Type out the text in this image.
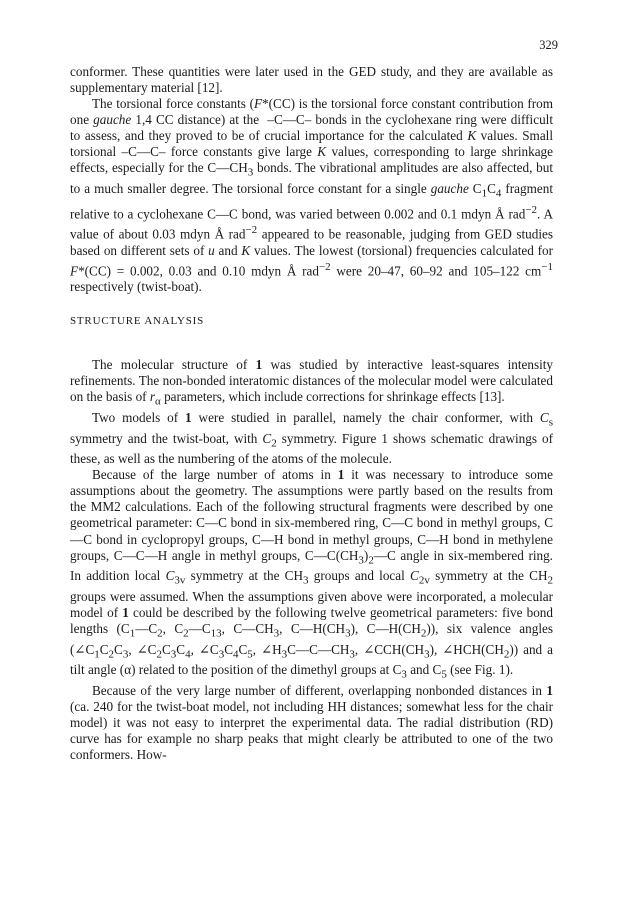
329

conformer. These quantities were later used in the GED study, and they are available as supplementary material [12].

The torsional force constants (F*(CC) is the torsional force constant contribution from one gauche 1,4 CC distance) at the  –C—C– bonds in the cyclohexane ring were difficult to assess, and they proved to be of crucial importance for the calculated K values. Small torsional –C—C– force constants give large K values, corresponding to large shrinkage effects, especially for the $C—CH_3$ bonds. The vibrational amplitudes are also affected, but to a much smaller degree. The torsional force constant for a single gauche $C_1C_4$ fragment relative to a cyclohexane C—C bond, was varied between 0.002 and 0.1 mdyn Å rad$^{-2}$. A value of about 0.03 mdyn Å rad$^{-2}$ appeared to be reasonable, judging from GED studies based on different sets of u and K values. The lowest (torsional) frequencies calculated for F*(CC) = 0.002, 0.03 and 0.10 mdyn Å rad$^{-2}$ were 20–47, 60–92 and 105–122 $cm^{-1}$ respectively (twist-boat).

STRUCTURE ANALYSIS

The molecular structure of 1 was studied by interactive least-squares intensity refinements. The non-bonded interatomic distances of the molecular model were calculated on the basis of $r_\alpha$ parameters, which include corrections for shrinkage effects [13].

Two models of 1 were studied in parallel, namely the chair conformer, with $C_s$ symmetry and the twist-boat, with $C_2$ symmetry. Figure 1 shows schematic drawings of these, as well as the numbering of the atoms of the molecule.

Because of the large number of atoms in 1 it was necessary to introduce some assumptions about the geometry. The assumptions were partly based on the results from the MM2 calculations. Each of the following structural fragments were described by one geometrical parameter: C—C bond in six-membered ring, C—C bond in methyl groups, C—C bond in cyclopropyl groups, C—H bond in methyl groups, C—H bond in methylene groups, C—C—H angle in methyl groups, $C—C(CH_3)_2—C$ angle in six-membered ring. In addition local $C_{3v}$ symmetry at the $CH_3$ groups and local $C_{2v}$ symmetry at the $CH_2$ groups were assumed. When the assumptions given above were incorporated, a molecular model of 1 could be described by the following twelve geometrical parameters: five bond lengths ($C_1—C_2$, $C_2—C_{13}$, $C—CH_3$, $C—H(CH_3)$, $C—H(CH_2)$), six valence angles ($\angle C_1C_2C_3$, $\angle C_2C_3C_4$, $\angle C_3C_4C_5$, $\angle H_3C—C—CH_3$, $\angle CCH(CH_3)$, $\angle HCH(CH_2)$) and a tilt angle (α) related to the position of the dimethyl groups at $C_3$ and $C_5$ (see Fig. 1).

Because of the very large number of different, overlapping nonbonded distances in 1 (ca. 240 for the twist-boat model, not including HH distances; somewhat less for the chair model) it was not easy to interpret the experimental data. The radial distribution (RD) curve has for example no sharp peaks that might clearly be attributed to one of the two conformers. How-
